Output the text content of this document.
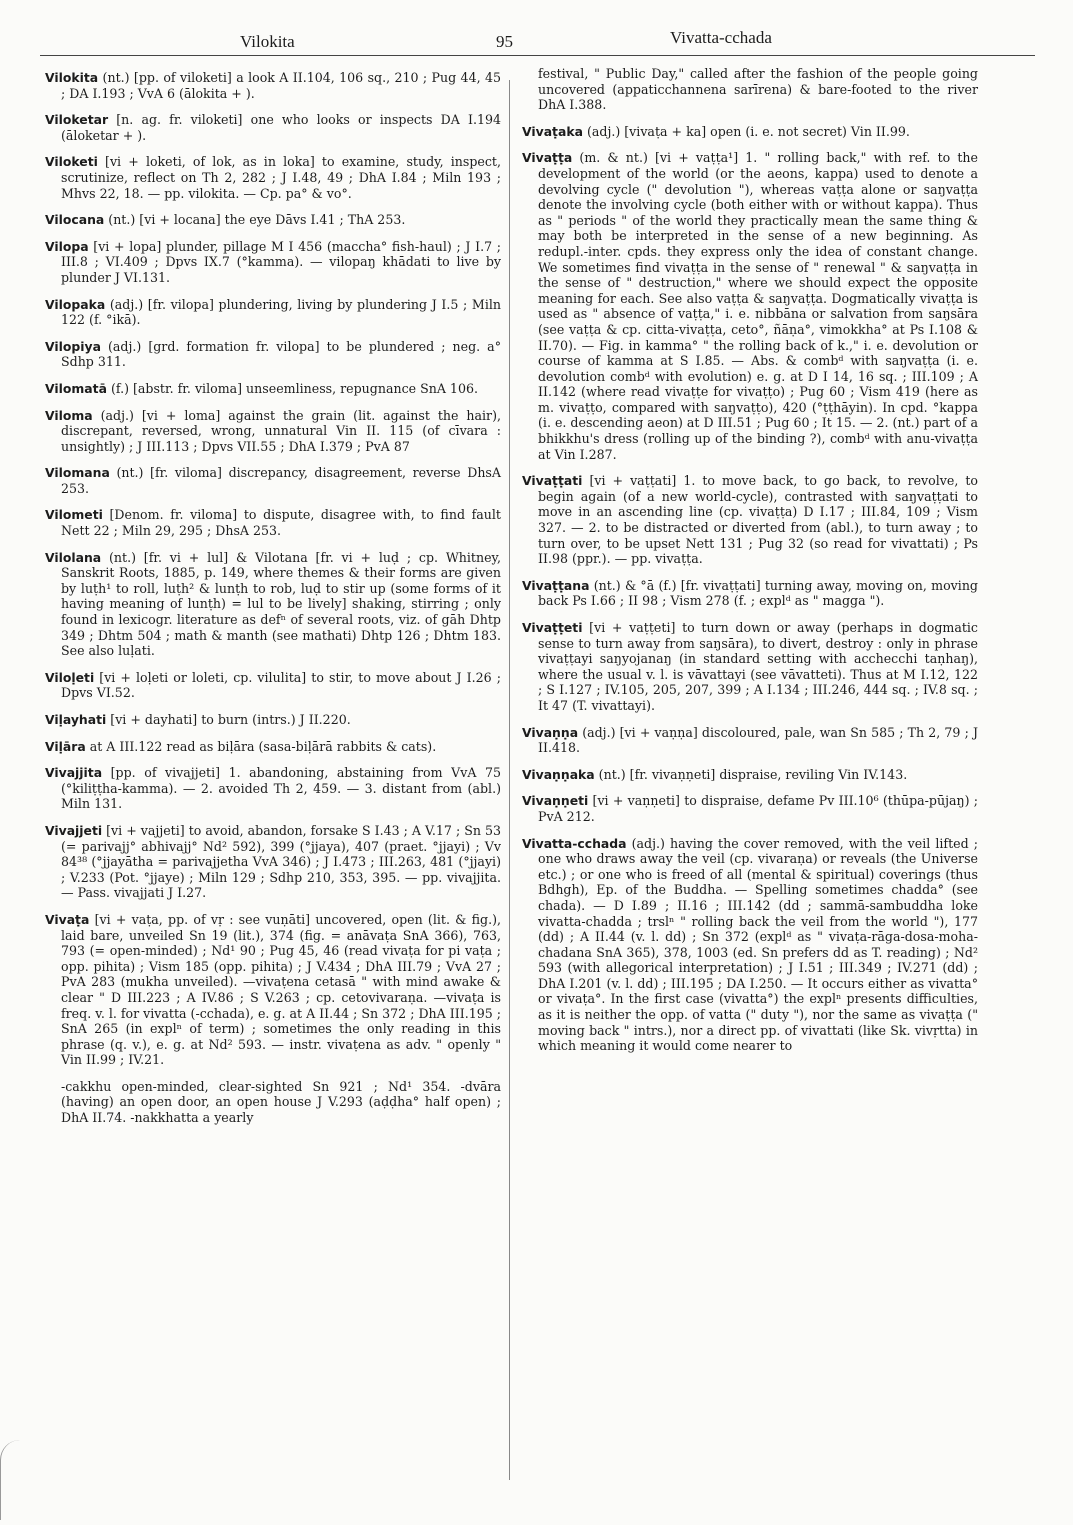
Vilokita	95	Vivatta-cchada
Vilokita (nt.) [pp. of viloketi] a look A II.104, 106 sq., 210 ; Pug 44, 45 ; DA I.193 ; VvA 6 (ālokita + ).
Viloketar [n. ag. fr. viloketi] one who looks or inspects DA I.194 (āloketar + ).
Viloketi [vi + loketi, of lok, as in loka] to examine, study, inspect, scrutinize, reflect on Th 2, 282 ; J I.48, 49 ; DhA I.84 ; Miln 193 ; Mhvs 22, 18. — pp. vilokita. — Cp. pa° & vo°.
Vilocana (nt.) [vi + locana] the eye Dāvs I.41 ; ThA 253.
Vilopa [vi + lopa] plunder, pillage M I 456 (maccha° fish-haul) ; J I.7 ; III.8 ; VI.409 ; Dpvs IX.7 (°kamma). — vilopaŋ khādati to live by plunder J VI.131.
Vilopaka (adj.) [fr. vilopa] plundering, living by plundering J I.5 ; Miln 122 (f. °ikā).
Vilopiya (adj.) [grd. formation fr. vilopa] to be plundered ; neg. a° Sdhp 311.
Vilomatā (f.) [abstr. fr. viloma] unseemliness, repugnance SnA 106.
Viloma (adj.) [vi + loma] against the grain (lit. against the hair), discrepant, reversed, wrong, unnatural Vin II. 115 (of cīvara : unsightly) ; J III.113 ; Dpvs VII.55 ; DhA I.379 ; PvA 87
Vilomana (nt.) [fr. viloma] discrepancy, disagreement, reverse DhsA 253.
Vilometi [Denom. fr. viloma] to dispute, disagree with, to find fault Nett 22 ; Miln 29, 295 ; DhsA 253.
Vilolana (nt.) [fr. vi + lul] & Vilotana [fr. vi + luḍ ; cp. Whitney, Sanskrit Roots, 1885, p. 149, where themes & their forms are given by luṭh¹ to roll, luṭh² & lunṭh to rob, luḍ to stir up (some forms of it having meaning of lunṭh) = lul to be lively] shaking, stirring ; only found in lexicogr. literature as defⁿ of several roots, viz. of gāh Dhtp 349 ; Dhtm 504 ; math & manth (see mathati) Dhtp 126 ; Dhtm 183. See also luḷati.
Viloḷeti [vi + loḷeti or loleti, cp. vilulita] to stir, to move about J I.26 ; Dpvs VI.52.
Viḷayhati [vi + dayhati] to burn (intrs.) J II.220.
Viḷāra at A III.122 read as biḷāra (sasa-biḷārā rabbits & cats).
Vivajjita [pp. of vivajjeti] 1. abandoning, abstaining from VvA 75 (°kiliṭṭha-kamma). — 2. avoided Th 2, 459. — 3. distant from (abl.) Miln 131.
Vivajjeti [vi + vajjeti] to avoid, abandon, forsake S I.43 ; A V.17 ; Sn 53 (= parivajj° abhivajj° Nd² 592), 399 (°jjaya), 407 (praet. °jjayi) ; Vv 84³⁸ (°jjayātha = parivajjetha VvA 346) ; J I.473 ; III.263, 481 (°jjayi) ; V.233 (Pot. °jjaye) ; Miln 129 ; Sdhp 210, 353, 395. — pp. vivajjita. — Pass. vivajjati J I.27.
Vivaṭa [vi + vaṭa, pp. of vṛ : see vuṇāti] uncovered, open (lit. & fig.), laid bare, unveiled Sn 19 (lit.), 374 (fig. = anāvaṭa SnA 366), 763, 793 (= open-minded) ; Nd¹ 90 ; Pug 45, 46 (read vivaṭa for pi vaṭa ; opp. pihita) ; Vism 185 (opp. pihita) ; J V.434 ; DhA III.79 ; VvA 27 ; PvA 283 (mukha unveiled). —vivaṭena cetasā " with mind awake & clear " D III.223 ; A IV.86 ; S V.263 ; cp. cetovivaraṇa. —vivaṭa is freq. v. l. for vivatta (-cchada), e. g. at A II.44 ; Sn 372 ; DhA III.195 ; SnA 265 (in explⁿ of term) ; sometimes the only reading in this phrase (q. v.), e. g. at Nd² 593. — instr. vivaṭena as adv. " openly " Vin II.99 ; IV.21.
-cakkhu open-minded, clear-sighted Sn 921 ; Nd¹ 354. -dvāra (having) an open door, an open house J V.293 (aḍḍha° half open) ; DhA II.74. -nakkhatta a yearly
festival, " Public Day," called after the fashion of the people going uncovered (appaticchannena sarīrena) & bare-footed to the river DhA I.388.
Vivaṭaka (adj.) [vivaṭa + ka] open (i. e. not secret) Vin II.99.
Vivaṭṭa (m. & nt.) [vi + vaṭṭa¹] 1. " rolling back," with ref. to the development of the world (or the aeons, kappa) used to denote a devolving cycle (" devolution "), whereas vaṭṭa alone or saŋvaṭṭa denote the involving cycle (both either with or without kappa). Thus as " periods " of the world they practically mean the same thing & may both be interpreted in the sense of a new beginning. As redupl.-inter. cpds. they express only the idea of constant change. We sometimes find vivaṭṭa in the sense of " renewal " & saŋvaṭṭa in the sense of " destruction," where we should expect the opposite meaning for each. See also vaṭṭa & saŋvaṭṭa. Dogmatically vivaṭṭa is used as " absence of vaṭṭa," i. e. nibbāna or salvation from saŋsāra (see vaṭṭa & cp. citta-vivaṭṭa, ceto°, ñāṇa°, vimokkha° at Ps I.108 & II.70). — Fig. in kamma° " the rolling back of k.," i. e. devolution or course of kamma at S I.85. — Abs. & combᵈ with saŋvaṭṭa (i. e. devolution combᵈ with evolution) e. g. at D I 14, 16 sq. ; III.109 ; A II.142 (where read vivaṭṭe for vivaṭṭo) ; Pug 60 ; Vism 419 (here as m. vivaṭṭo, compared with saŋvaṭṭo), 420 (°ṭṭhāyin). In cpd. °kappa (i. e. descending aeon) at D III.51 ; Pug 60 ; It 15. — 2. (nt.) part of a bhikkhu's dress (rolling up of the binding ?), combᵈ with anu-vivaṭṭa at Vin I.287.
Vivaṭṭati [vi + vaṭṭati] 1. to move back, to go back, to revolve, to begin again (of a new world-cycle), contrasted with saŋvaṭṭati to move in an ascending line (cp. vivaṭṭa) D I.17 ; III.84, 109 ; Vism 327. — 2. to be distracted or diverted from (abl.), to turn away ; to turn over, to be upset Nett 131 ; Pug 32 (so read for vivattati) ; Ps II.98 (ppr.). — pp. vivaṭṭa.
Vivaṭṭana (nt.) & °ā (f.) [fr. vivaṭṭati] turning away, moving on, moving back Ps I.66 ; II 98 ; Vism 278 (f. ; explᵈ as " magga ").
Vivaṭṭeti [vi + vaṭṭeti] to turn down or away (perhaps in dogmatic sense to turn away from saŋsāra), to divert, destroy : only in phrase vivaṭṭayi saŋyojanaŋ (in standard setting with acchecchi taṇhaŋ), where the usual v. l. is vāvattayi (see vāvatteti). Thus at M I.12, 122 ; S I.127 ; IV.105, 205, 207, 399 ; A I.134 ; III.246, 444 sq. ; IV.8 sq. ; It 47 (T. vivattayi).
Vivaṇṇa (adj.) [vi + vaṇṇa] discoloured, pale, wan Sn 585 ; Th 2, 79 ; J II.418.
Vivaṇṇaka (nt.) [fr. vivaṇṇeti] dispraise, reviling Vin IV.143.
Vivaṇṇeti [vi + vaṇṇeti] to dispraise, defame Pv III.10⁶ (thūpa-pūjaŋ) ; PvA 212.
Vivatta-cchada (adj.) having the cover removed, with the veil lifted ; one who draws away the veil (cp. vivaraṇa) or reveals (the Universe etc.) ; or one who is freed of all (mental & spiritual) coverings (thus Bdhgh), Ep. of the Buddha. — Spelling sometimes chadda° (see chada). — D I.89 ; II.16 ; III.142 (dd ; sammā-sambuddha loke vivatta-chadda ; trslⁿ " rolling back the veil from the world "), 177 (dd) ; A II.44 (v. l. dd) ; Sn 372 (explᵈ as " vivaṭa-rāga-dosa-moha-chadana SnA 365), 378, 1003 (ed. Sn prefers dd as T. reading) ; Nd² 593 (with allegorical interpretation) ; J I.51 ; III.349 ; IV.271 (dd) ; DhA I.201 (v. l. dd) ; III.195 ; DA I.250. — It occurs either as vivatta° or vivaṭa°. In the first case (vivatta°) the explⁿ presents difficulties, as it is neither the opp. of vatta (" duty "), nor the same as vivaṭṭa (" moving back " intrs.), nor a direct pp. of vivattati (like Sk. vivṛtta) in which meaning it would come nearer to
